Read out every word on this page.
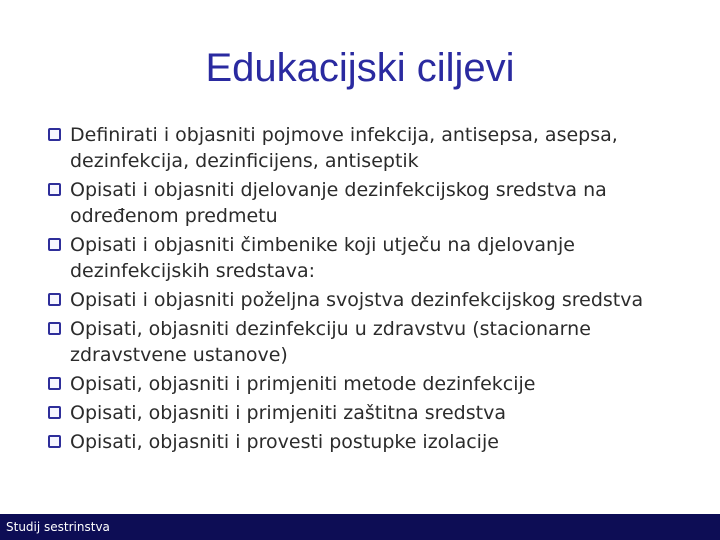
Edukacijski ciljevi
Definirati i objasniti pojmove infekcija, antisepsa, asepsa, dezinfekcija, dezinficijens, antiseptik
Opisati i objasniti djelovanje dezinfekcijskog sredstva na određenom predmetu
Opisati i objasniti čimbenike koji utječu na djelovanje dezinfekcijskih sredstava:
Opisati i objasniti poželjna svojstva dezinfekcijskog sredstva
Opisati, objasniti dezinfekciju u zdravstvu (stacionarne zdravstvene ustanove)
Opisati, objasniti i primjeniti metode dezinfekcije
Opisati, objasniti i primjeniti zaštitna sredstva
Opisati, objasniti i provesti postupke izolacije
Studij sestrinstva
